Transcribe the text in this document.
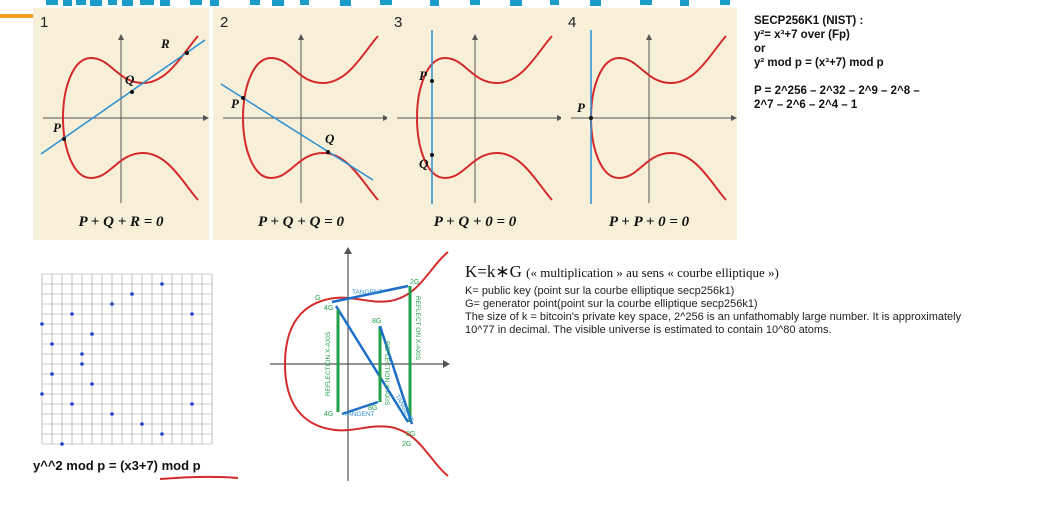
1
P
Q
R
P + Q + R = 0
2
P
Q
P + Q + Q = 0
3
P
Q
P + Q + 0 = 0
4
P
P + P + 0 = 0
SECP256K1 (NIST) :
y²= x³+7 over (Fp)
or
y² mod p = (x³+7) mod p
P = 2^256 – 2^32 – 2^9 – 2^8 –
2^7 – 2^6 – 2^4 – 1
y^^2 mod p = (x3+7) mod p
TANGENT
TANGENT	TANGENT
REFLECTION X-AXIS	REFLECTION X-AXIS
REFLECT ON X-AXIS
G
2G
4G
8G
4G
8G
2G
2G
K=k∗G (« multiplication » au sens « courbe elliptique »)
K= public key (point sur la courbe elliptique secp256k1)
G= generator point(point sur la courbe elliptique secp256k1)
The size of k = bitcoin's private key space, 2^256 is an unfathomably large number. It is approximately 10^77 in decimal. The visible universe is estimated to contain 10^80 atoms.
